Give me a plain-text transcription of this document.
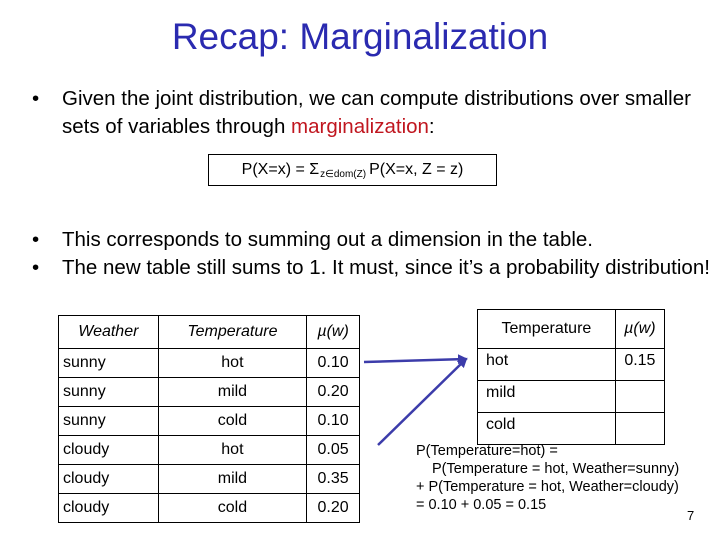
Recap: Marginalization
• Given the joint distribution, we can compute distributions over smaller sets of variables through marginalization:
P(X=x) = Σ z∈dom(Z) P(X=x, Z = z)
• This corresponds to summing out a dimension in the table.
• The new table still sums to 1. It must, since it’s a probability distribution!
Weather	Temperature	µ(w)
sunny	hot	0.10
sunny	mild	0.20
sunny	cold	0.10
cloudy	hot	0.05
cloudy	mild	0.35
cloudy	cold	0.20
Temperature	µ(w)
hot	0.15
mild	
cold	
P(Temperature=hot) =
P(Temperature = hot, Weather=sunny)
+ P(Temperature = hot, Weather=cloudy)
= 0.10 + 0.05 = 0.15
7
